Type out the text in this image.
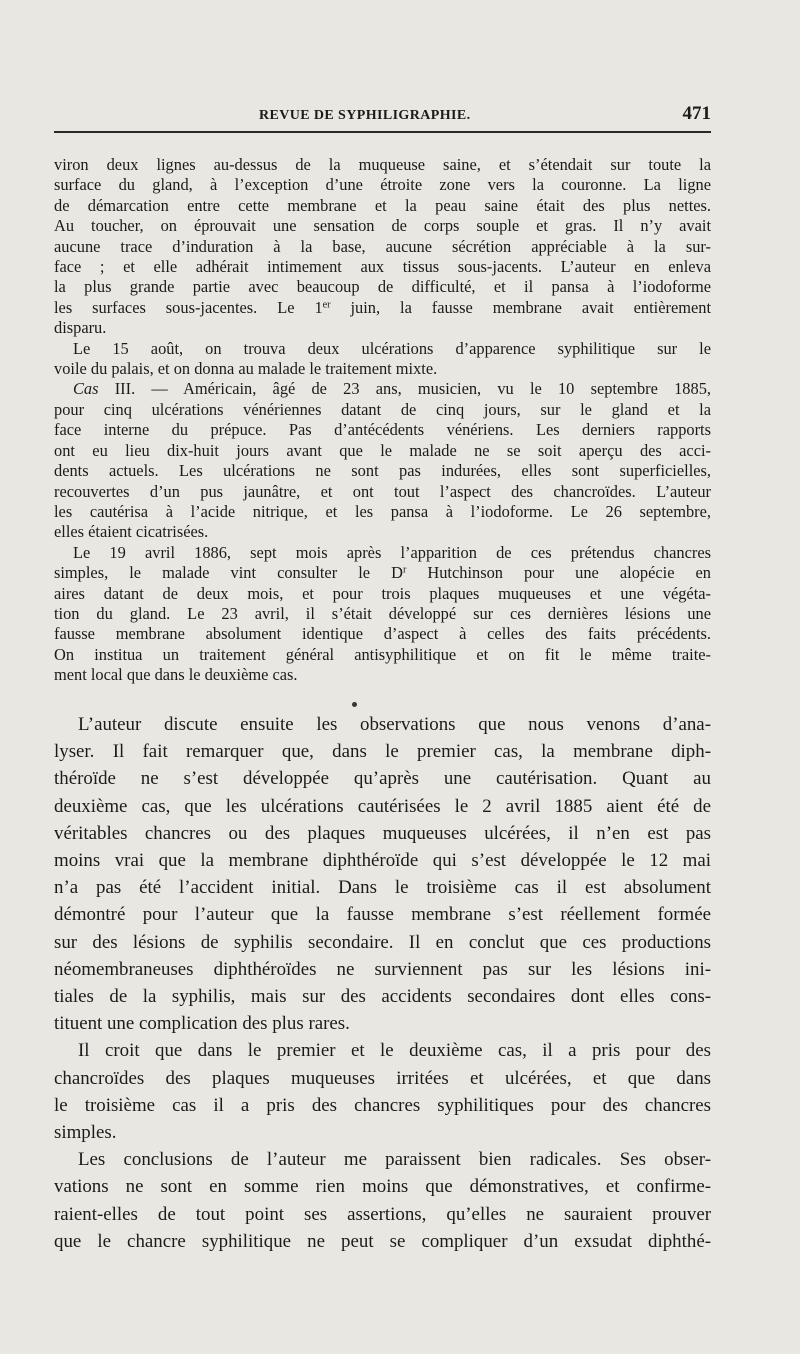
REVUE DE SYPHILIGRAPHIE.	471
viron deux lignes au-dessus de la muqueuse saine, et s’étendait sur toute la
surface du gland, à l’exception d’une étroite zone vers la couronne. La ligne
de démarcation entre cette membrane et la peau saine était des plus nettes.
Au toucher, on éprouvait une sensation de corps souple et gras. Il n’y avait
aucune trace d’induration à la base, aucune sécrétion appréciable à la sur-
face ; et elle adhérait intimement aux tissus sous-jacents. L’auteur en enleva
la plus grande partie avec beaucoup de difficulté, et il pansa à l’iodoforme
les surfaces sous-jacentes. Le 1er juin, la fausse membrane avait entièrement
disparu.
Le 15 août, on trouva deux ulcérations d’apparence syphilitique sur le
voile du palais, et on donna au malade le traitement mixte.
Cas III. — Américain, âgé de 23 ans, musicien, vu le 10 septembre 1885,
pour cinq ulcérations vénériennes datant de cinq jours, sur le gland et la
face interne du prépuce. Pas d’antécédents vénériens. Les derniers rapports
ont eu lieu dix-huit jours avant que le malade ne se soit aperçu des acci-
dents actuels. Les ulcérations ne sont pas indurées, elles sont superficielles,
recouvertes d’un pus jaunâtre, et ont tout l’aspect des chancroïdes. L’auteur
les cautérisa à l’acide nitrique, et les pansa à l’iodoforme. Le 26 septembre,
elles étaient cicatrisées.
Le 19 avril 1886, sept mois après l’apparition de ces prétendus chancres
simples, le malade vint consulter le $D^r$ Hutchinson pour une alopécie en
aires datant de deux mois, et pour trois plaques muqueuses et une végéta-
tion du gland. Le 23 avril, il s’était développé sur ces dernières lésions une
fausse membrane absolument identique d’aspect à celles des faits précédents.
On institua un traitement général antisyphilitique et on fit le même traite-
ment local que dans le deuxième cas.
L’auteur discute ensuite les observations que nous venons d’ana-
lyser. Il fait remarquer que, dans le premier cas, la membrane diph-
théroïde ne s’est développée qu’après une cautérisation. Quant au
deuxième cas, que les ulcérations cautérisées le 2 avril 1885 aient été de
véritables chancres ou des plaques muqueuses ulcérées, il n’en est pas
moins vrai que la membrane diphthéroïde qui s’est développée le 12 mai
n’a pas été l’accident initial. Dans le troisième cas il est absolument
démontré pour l’auteur que la fausse membrane s’est réellement formée
sur des lésions de syphilis secondaire. Il en conclut que ces productions
néomembraneuses diphthéroïdes ne surviennent pas sur les lésions ini-
tiales de la syphilis, mais sur des accidents secondaires dont elles cons-
tituent une complication des plus rares.
Il croit que dans le premier et le deuxième cas, il a pris pour des
chancroïdes des plaques muqueuses irritées et ulcérées, et que dans
le troisième cas il a pris des chancres syphilitiques pour des chancres
simples.
Les conclusions de l’auteur me paraissent bien radicales. Ses obser-
vations ne sont en somme rien moins que démonstratives, et confirme-
raient-elles de tout point ses assertions, qu’elles ne sauraient prouver
que le chancre syphilitique ne peut se compliquer d’un exsudat diphthé-
